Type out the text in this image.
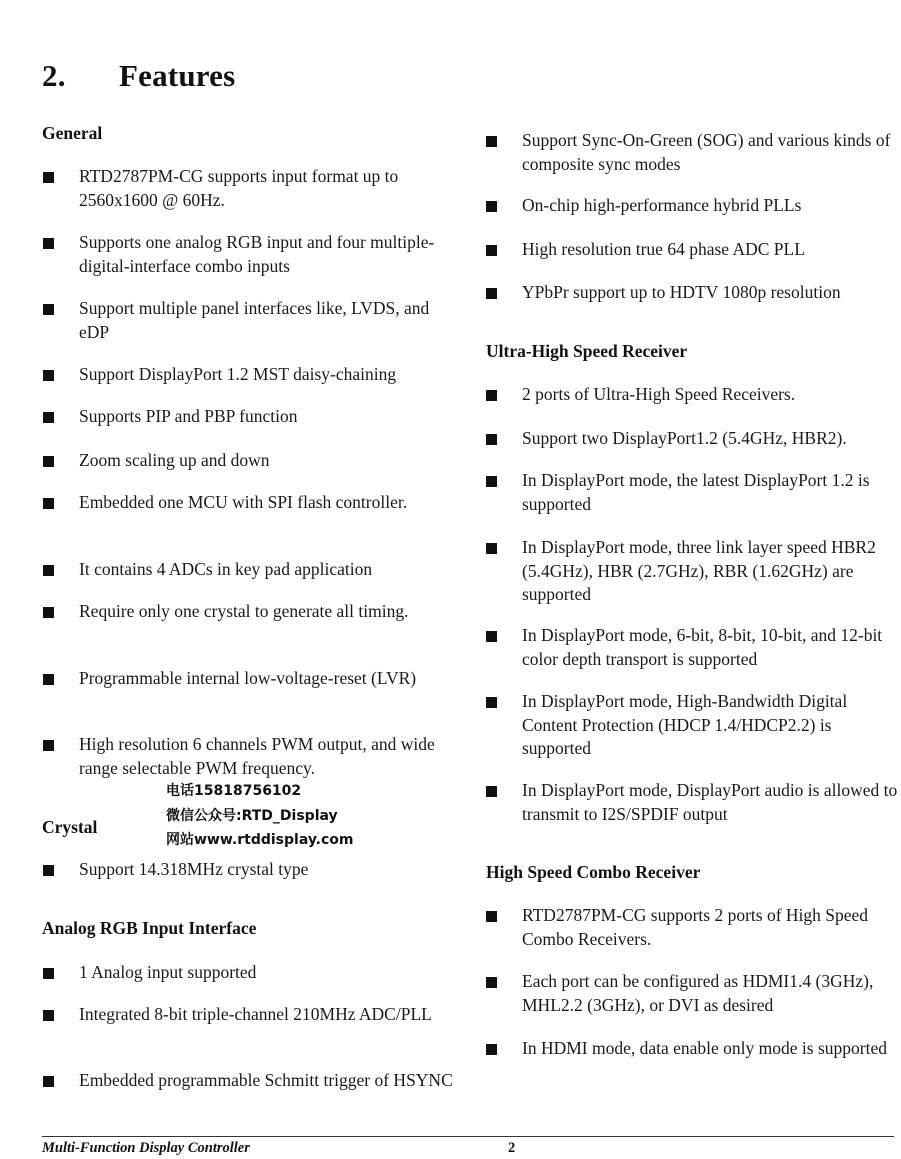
2. Features
General
RTD2787PM-CG supports input format up to 2560x1600 @ 60Hz.
Supports one analog RGB input and four multiple-digital-interface combo inputs
Support multiple panel interfaces like, LVDS, and eDP
Support DisplayPort 1.2 MST daisy-chaining
Supports PIP and PBP function
Zoom scaling up and down
Embedded one MCU with SPI flash controller.
It contains 4 ADCs in key pad application
Require only one crystal to generate all timing.
Programmable internal low-voltage-reset (LVR)
High resolution 6 channels PWM output, and wide range selectable PWM frequency.
Crystal
Support 14.318MHz crystal type
Analog RGB Input Interface
1 Analog input supported
Integrated 8-bit triple-channel 210MHz ADC/PLL
Embedded programmable Schmitt trigger of HSYNC
Support Sync-On-Green (SOG) and various kinds of composite sync modes
On-chip high-performance hybrid PLLs
High resolution true 64 phase ADC PLL
YPbPr support up to HDTV 1080p resolution
Ultra-High Speed Receiver
2 ports of Ultra-High Speed Receivers.
Support two DisplayPort1.2 (5.4GHz, HBR2).
In DisplayPort mode, the latest DisplayPort 1.2 is supported
In DisplayPort mode, three link layer speed HBR2 (5.4GHz), HBR (2.7GHz), RBR (1.62GHz) are supported
In DisplayPort mode, 6-bit, 8-bit, 10-bit, and 12-bit color depth transport is supported
In DisplayPort mode, High-Bandwidth Digital Content Protection (HDCP 1.4/HDCP2.2) is supported
In DisplayPort mode, DisplayPort audio is allowed to transmit to I2S/SPDIF output
High Speed Combo Receiver
RTD2787PM-CG supports 2 ports of High Speed Combo Receivers.
Each port can be configured as HDMI1.4 (3GHz), MHL2.2 (3GHz), or DVI as desired
In HDMI mode, data enable only mode is supported
电话15818756102
微信公众号:RTD_Display
网站www.rtddisplay.com
Multi-Function Display Controller	2
